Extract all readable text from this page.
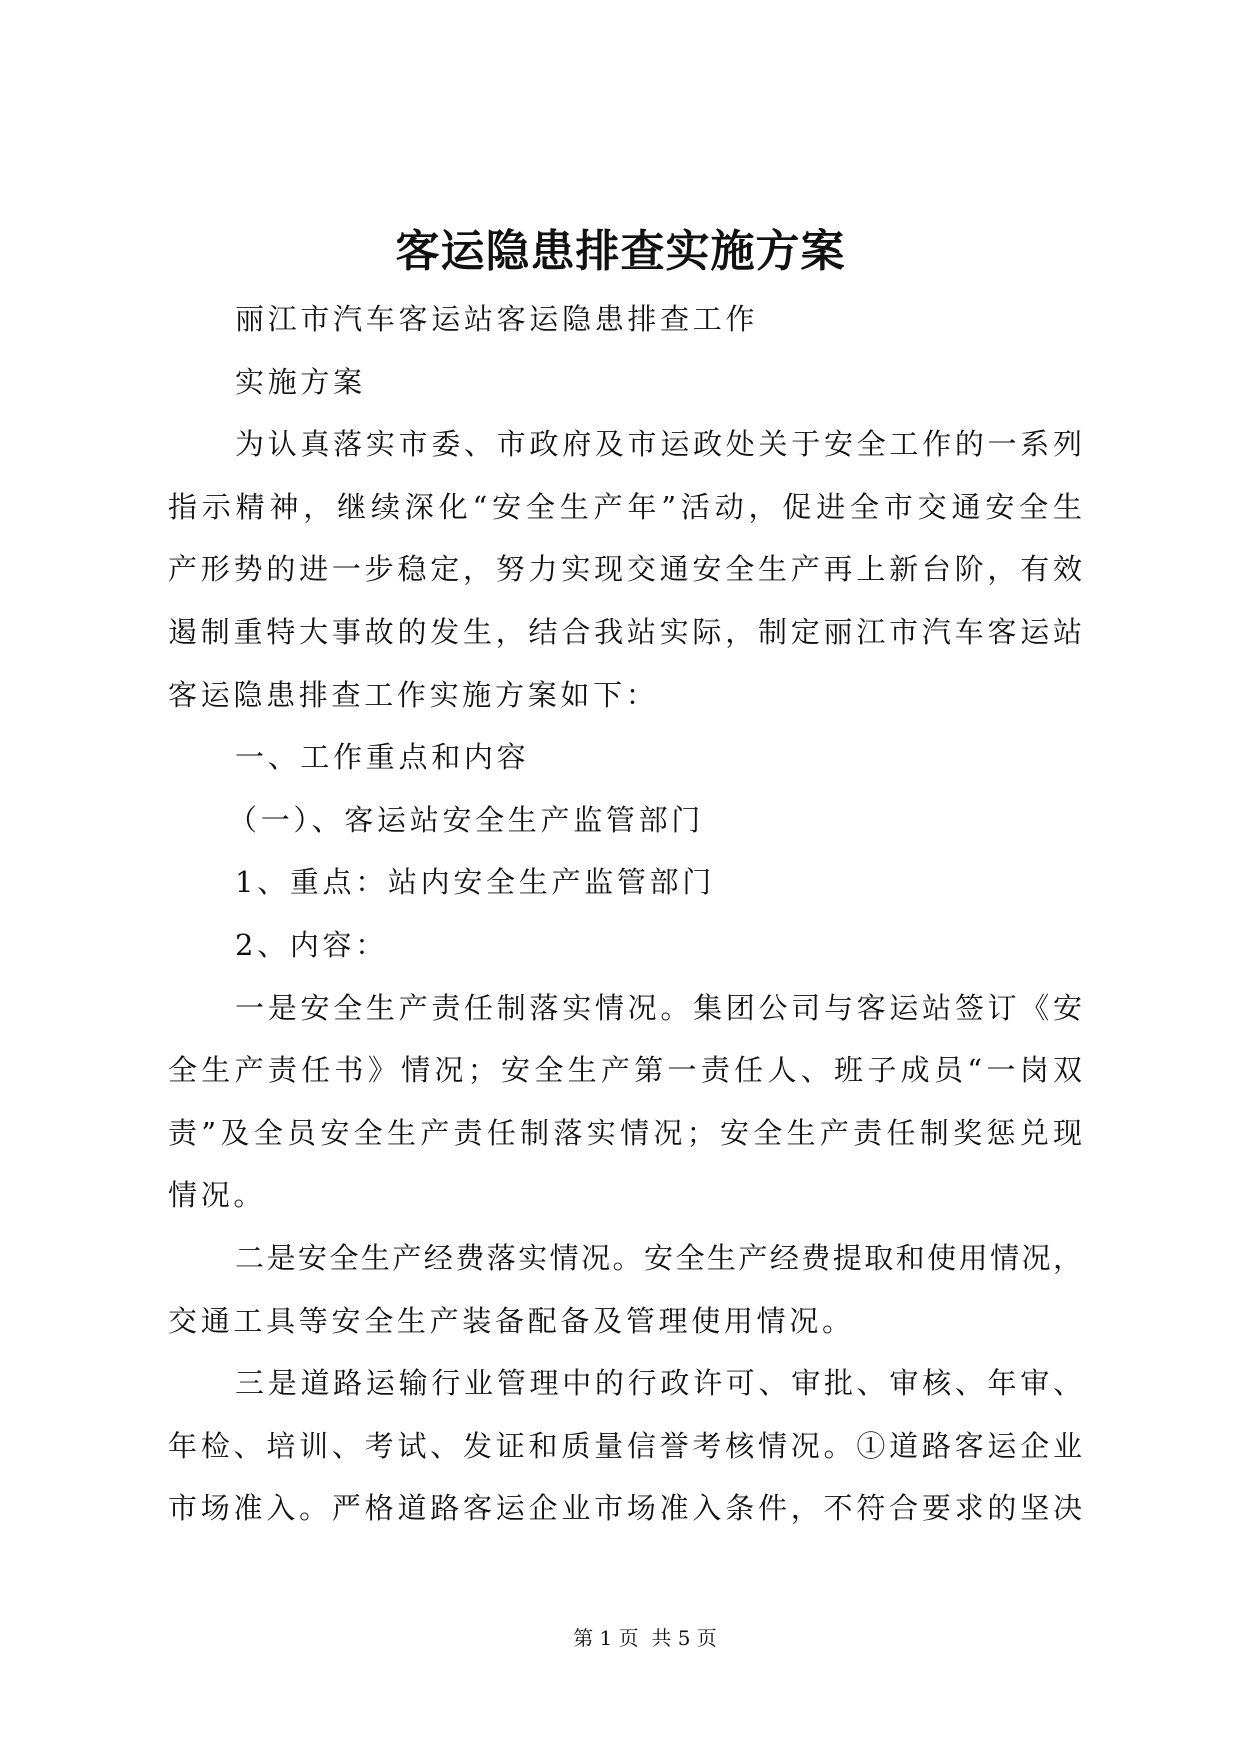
客运隐患排查实施方案
丽江市汽车客运站客运隐患排查工作
实施方案
为认真落实市委、市政府及市运政处关于安全工作的一系列
指示精神，继续深化“安全生产年”活动，促进全市交通安全生
产形势的进一步稳定，努力实现交通安全生产再上新台阶，有效
遏制重特大事故的发生，结合我站实际，制定丽江市汽车客运站
客运隐患排查工作实施方案如下：
一、工作重点和内容
（一）、客运站安全生产监管部门
1、重点：站内安全生产监管部门
2、内容：
一是安全生产责任制落实情况。集团公司与客运站签订《安
全生产责任书》情况；安全生产第一责任人、班子成员“一岗双
责”及全员安全生产责任制落实情况；安全生产责任制奖惩兑现
情况。
二是安全生产经费落实情况。安全生产经费提取和使用情况，
交通工具等安全生产装备配备及管理使用情况。
三是道路运输行业管理中的行政许可、审批、审核、年审、
年检、培训、考试、发证和质量信誉考核情况。①道路客运企业
市场准入。严格道路客运企业市场准入条件，不符合要求的坚决
第 1 页  共 5 页
